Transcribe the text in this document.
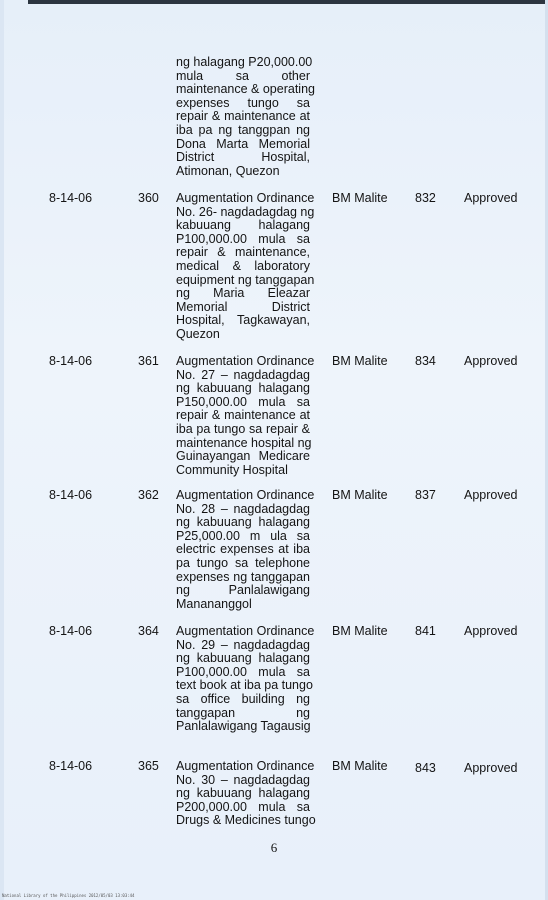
ng halagang P20,000.00
mula sa other
maintenance & operating
expenses tungo sa
repair & maintenance at
iba pa ng tanggpan ng
Dona Marta Memorial
District Hospital,
Atimonan, Quezon
8-14-06	360 Augmentation Ordinance
No. 26- nagdadagdag ng
kabuuang halagang
P100,000.00 mula sa
repair & maintenance,
medical & laboratory
equipment ng tanggapan
ng Maria Eleazar
Memorial District
Hospital, Tagkawayan,
Quezon
BM Malite 832 Approved
8-14-06	361 Augmentation Ordinance
No. 27 – nagdadagdag
ng kabuuang halagang
P150,000.00 mula sa
repair & maintenance at
iba pa tungo sa repair &
maintenance hospital ng
Guinayangan Medicare
Community Hospital
BM Malite 834 Approved
8-14-06	362 Augmentation Ordinance
No. 28 – nagdadagdag
ng kabuuang halagang
P25,000.00 m ula sa
electric expenses at iba
pa tungo sa telephone
expenses ng tanggapan
ng Panlalawigang
Manananggol
BM Malite 837 Approved
8-14-06	364 Augmentation Ordinance
No. 29 – nagdadagdag
ng kabuuang halagang
P100,000.00 mula sa
text book at iba pa tungo
sa office building ng
tanggapan ng
Panlalawigang Tagausig
BM Malite 841 Approved
8-14-06	365 Augmentation Ordinance
No. 30 – nagdadagdag
ng kabuuang halagang
P200,000.00 mula sa
Drugs & Medicines tungo
BM Malite 843 Approved
6
National Library of the Philippines 2012/05/03 13:03:44
